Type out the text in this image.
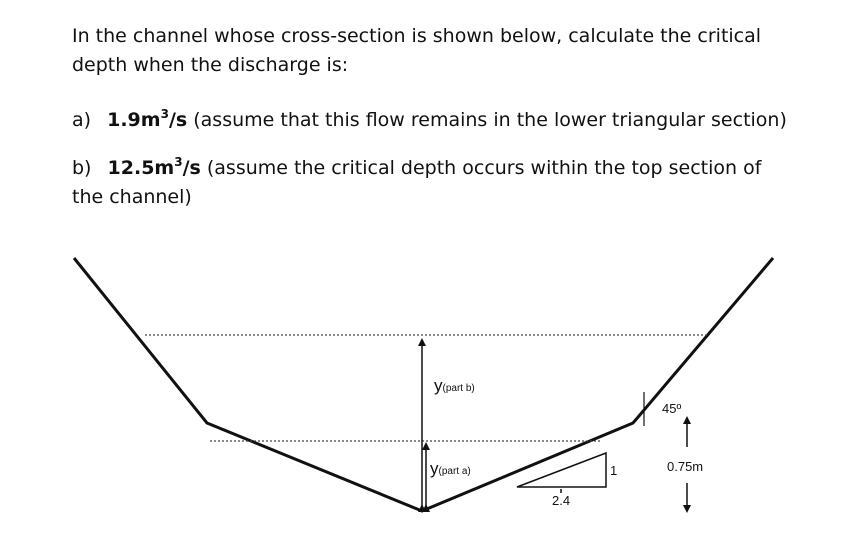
In the channel whose cross-section is shown below, calculate the critical depth when the discharge is:
a) $1.9m^3/s$ (assume that this flow remains in the lower triangular section)
b) $12.5m^3/s$ (assume the critical depth occurs within the top section of the channel)
y(part b)
y(part a)
2.4
1
45º
0.75m
